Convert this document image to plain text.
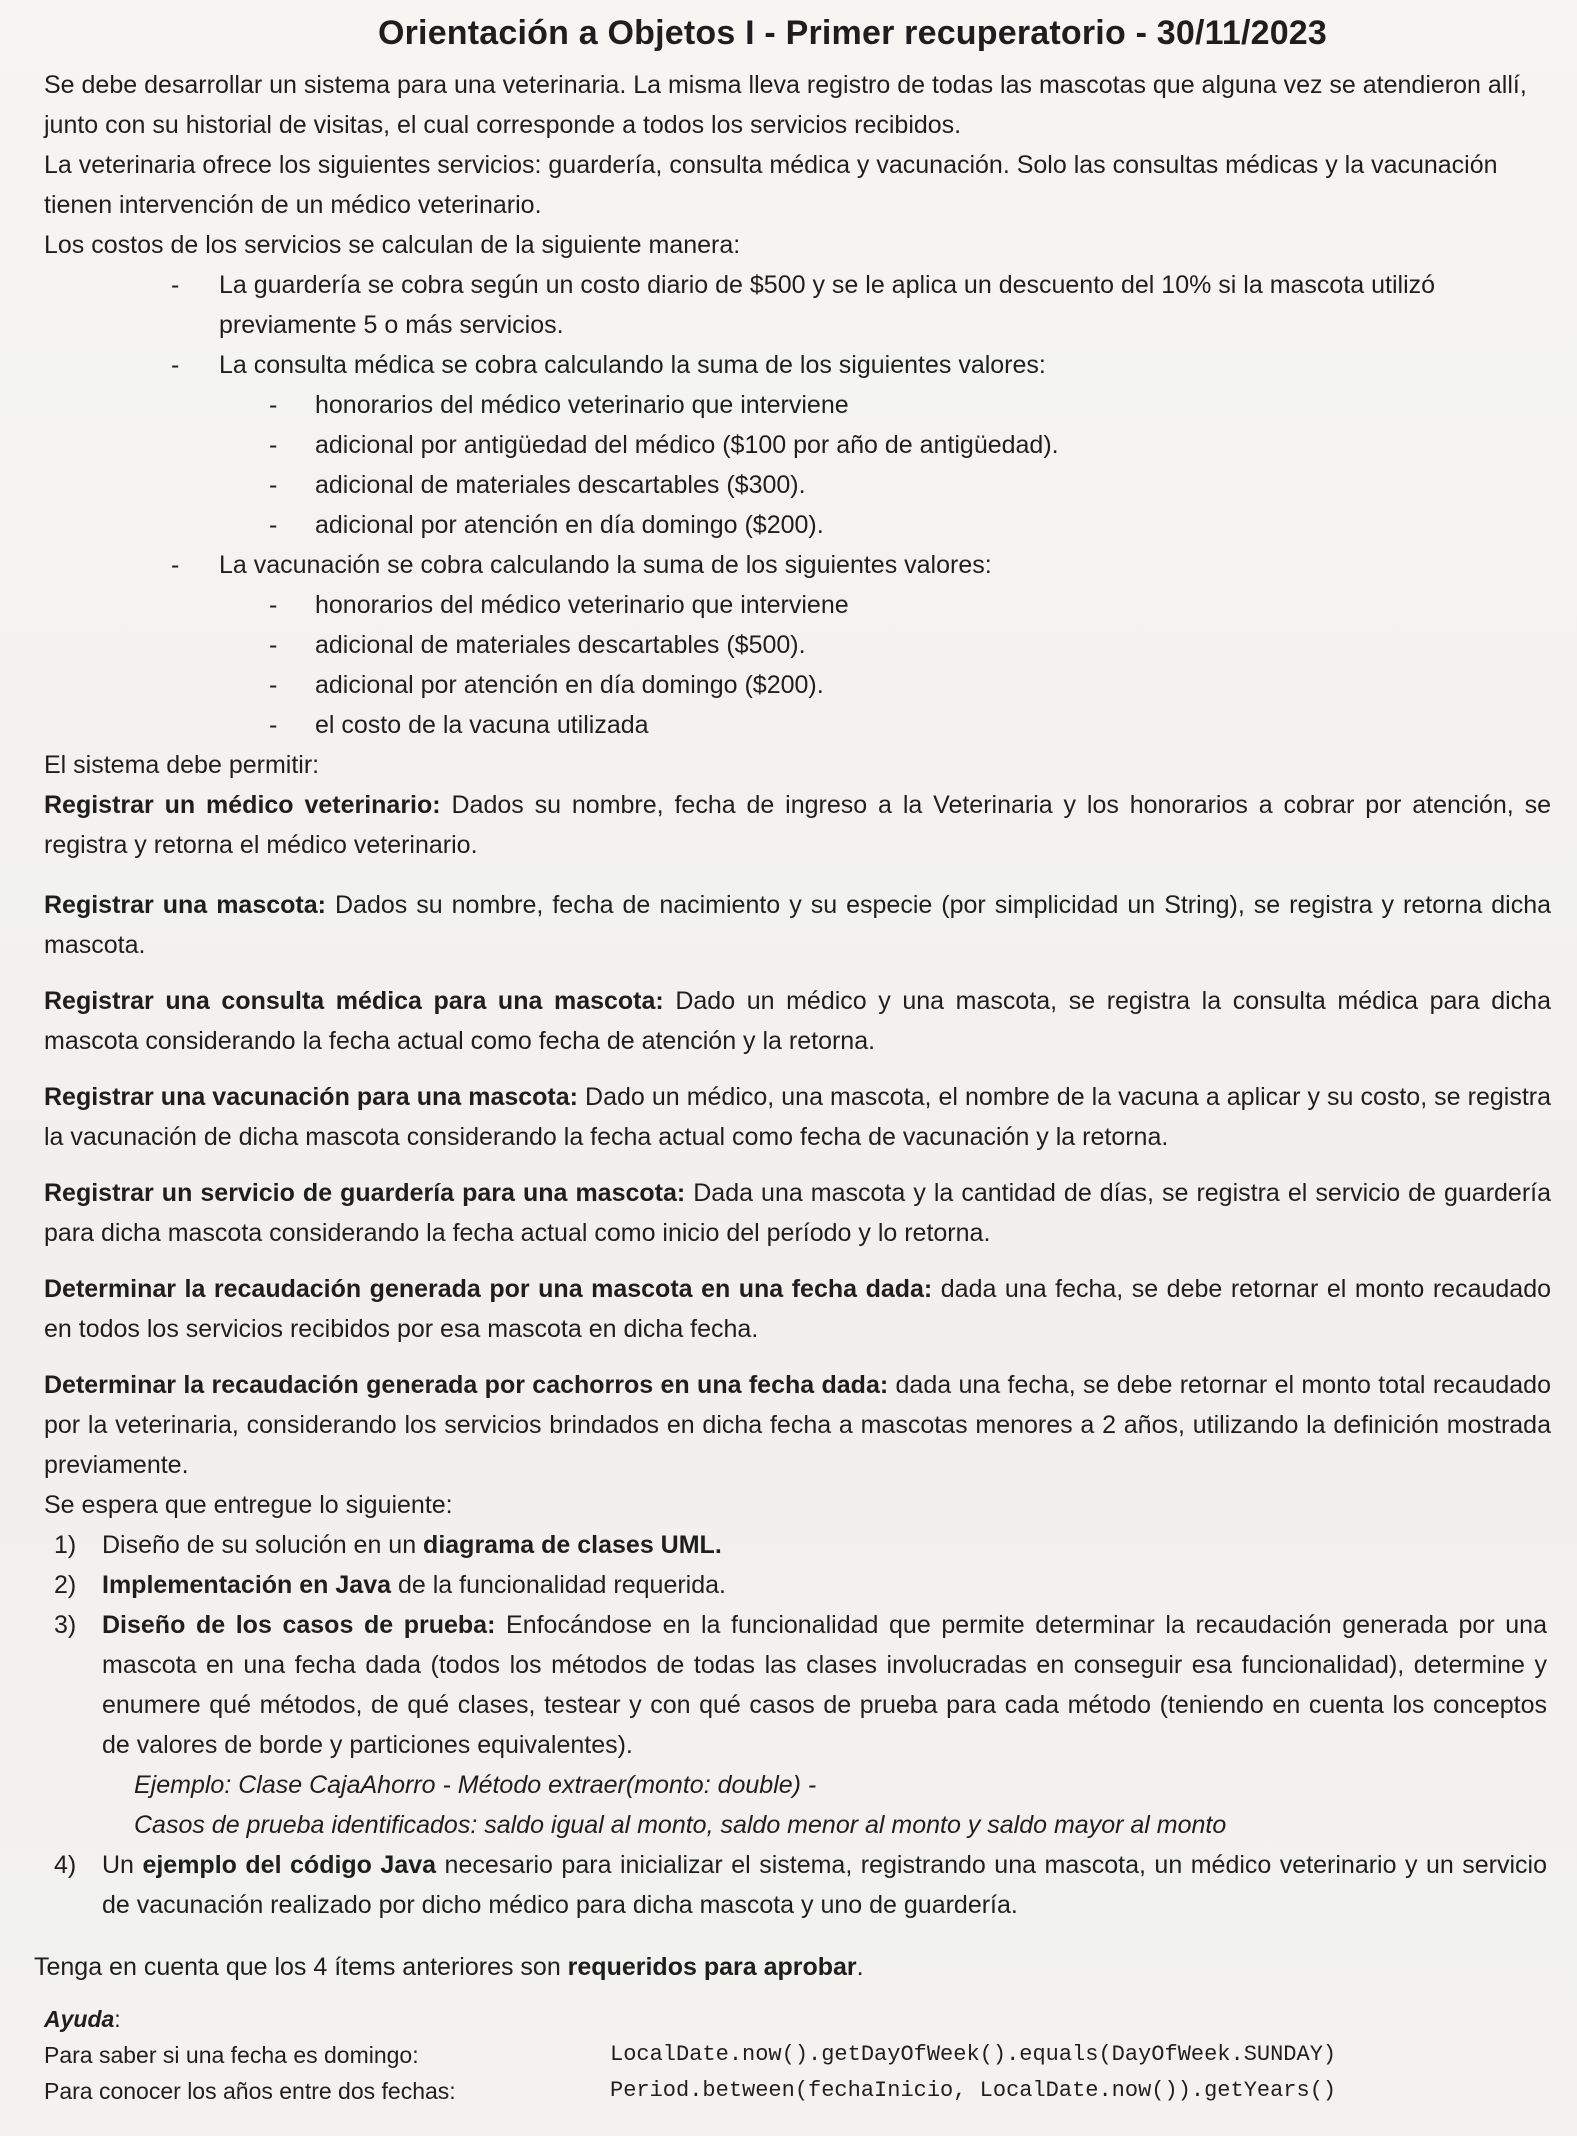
Orientación a Objetos I - Primer recuperatorio - 30/11/2023

Se debe desarrollar un sistema para una veterinaria. La misma lleva registro de todas las mascotas que alguna vez se atendieron allí, junto con su historial de visitas, el cual corresponde a todos los servicios recibidos.

La veterinaria ofrece los siguientes servicios: guardería, consulta médica y vacunación. Solo las consultas médicas y la vacunación tienen intervención de un médico veterinario.

Los costos de los servicios se calculan de la siguiente manera:

- La guardería se cobra según un costo diario de $500 y se le aplica un descuento del 10% si la mascota utilizó previamente 5 o más servicios.
- La consulta médica se cobra calculando la suma de los siguientes valores:
- honorarios del médico veterinario que interviene
- adicional por antigüedad del médico ($100 por año de antigüedad).
- adicional de materiales descartables ($300).
- adicional por atención en día domingo ($200).
- La vacunación se cobra calculando la suma de los siguientes valores:
- honorarios del médico veterinario que interviene
- adicional de materiales descartables ($500).
- adicional por atención en día domingo ($200).
- el costo de la vacuna utilizada

El sistema debe permitir:

Registrar un médico veterinario: Dados su nombre, fecha de ingreso a la Veterinaria y los honorarios a cobrar por atención, se registra y retorna el médico veterinario.

Registrar una mascota: Dados su nombre, fecha de nacimiento y su especie (por simplicidad un String), se registra y retorna dicha mascota.

Registrar una consulta médica para una mascota: Dado un médico y una mascota, se registra la consulta médica para dicha mascota considerando la fecha actual como fecha de atención y la retorna.

Registrar una vacunación para una mascota: Dado un médico, una mascota, el nombre de la vacuna a aplicar y su costo, se registra la vacunación de dicha mascota considerando la fecha actual como fecha de vacunación y la retorna.

Registrar un servicio de guardería para una mascota: Dada una mascota y la cantidad de días, se registra el servicio de guardería para dicha mascota considerando la fecha actual como inicio del período y lo retorna.

Determinar la recaudación generada por una mascota en una fecha dada: dada una fecha, se debe retornar el monto recaudado en todos los servicios recibidos por esa mascota en dicha fecha.

Determinar la recaudación generada por cachorros en una fecha dada: dada una fecha, se debe retornar el monto total recaudado por la veterinaria, considerando los servicios brindados en dicha fecha a mascotas menores a 2 años, utilizando la definición mostrada previamente.

Se espera que entregue lo siguiente:

1) Diseño de su solución en un diagrama de clases UML.
2) Implementación en Java de la funcionalidad requerida.
3) Diseño de los casos de prueba: Enfocándose en la funcionalidad que permite determinar la recaudación generada por una mascota en una fecha dada (todos los métodos de todas las clases involucradas en conseguir esa funcionalidad), determine y enumere qué métodos, de qué clases, testear y con qué casos de prueba para cada método (teniendo en cuenta los conceptos de valores de borde y particiones equivalentes).
Ejemplo: Clase CajaAhorro - Método extraer(monto: double) -
Casos de prueba identificados: saldo igual al monto, saldo menor al monto y saldo mayor al monto
4) Un ejemplo del código Java necesario para inicializar el sistema, registrando una mascota, un médico veterinario y un servicio de vacunación realizado por dicho médico para dicha mascota y uno de guardería.

Tenga en cuenta que los 4 ítems anteriores son requeridos para aprobar.

Ayuda:
Para saber si una fecha es domingo:	LocalDate.now().getDayOfWeek().equals(DayOfWeek.SUNDAY)
Para conocer los años entre dos fechas:	Period.between(fechaInicio, LocalDate.now()).getYears()
